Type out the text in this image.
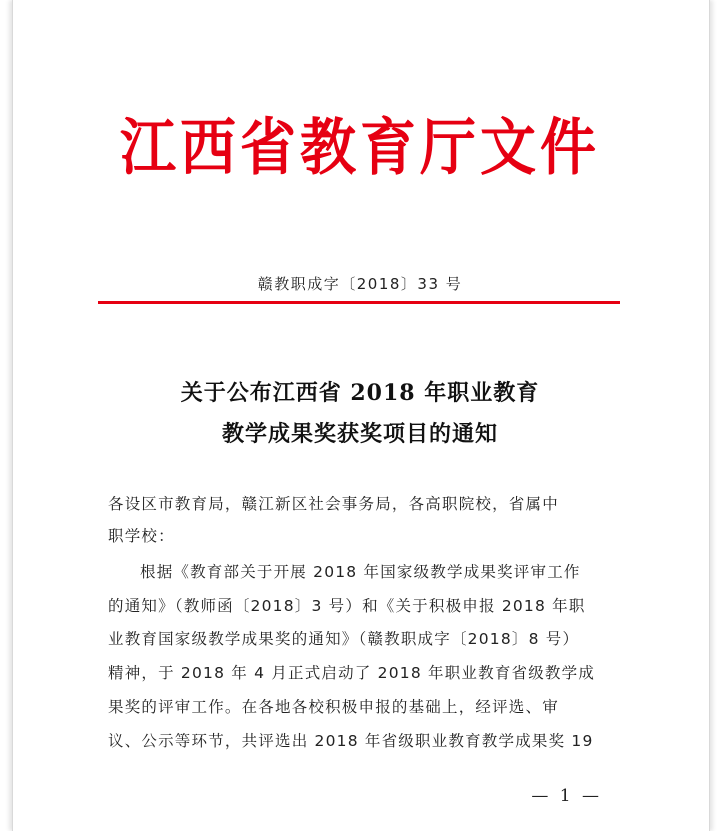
江西省教育厅文件
赣教职成字〔2018〕33 号
关于公布江西省 2018 年职业教育
教学成果奖获奖项目的通知
各设区市教育局，赣江新区社会事务局，各高职院校，省属中
职学校：
根据《教育部关于开展 2018 年国家级教学成果奖评审工作
的通知》（教师函〔2018〕3 号）和《关于积极申报 2018 年职
业教育国家级教学成果奖的通知》（赣教职成字〔2018〕8 号）
精神，于 2018 年 4 月正式启动了 2018 年职业教育省级教学成
果奖的评审工作。在各地各校积极申报的基础上，经评选、审
议、公示等环节，共评选出 2018 年省级职业教育教学成果奖 19
— 1 —
